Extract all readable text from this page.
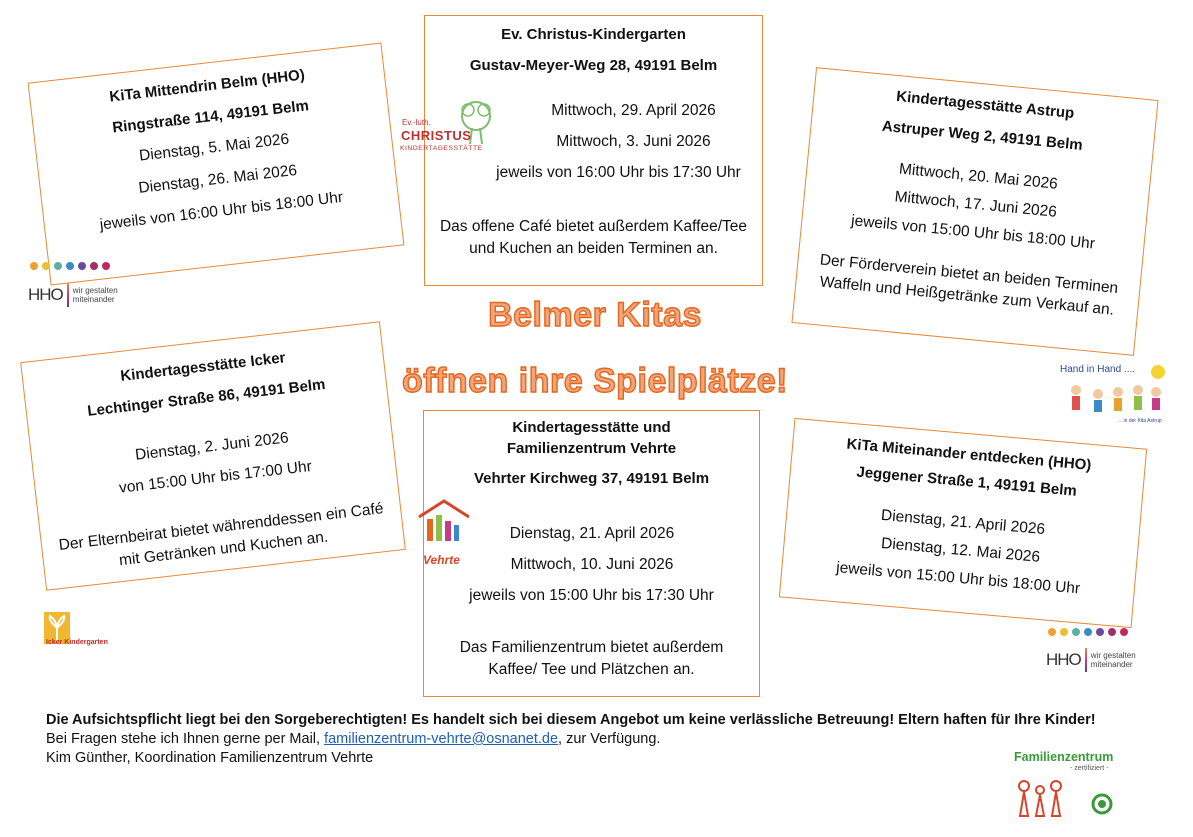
KiTa Mittendrin Belm (HHO)
Ringstraße 114, 49191 Belm
Dienstag, 5. Mai 2026
Dienstag, 26. Mai 2026
jeweils von 16:00 Uhr bis 18:00 Uhr
Ev. Christus-Kindergarten
Gustav-Meyer-Weg 28, 49191 Belm
Mittwoch, 29. April 2026
Mittwoch, 3. Juni 2026
jeweils von 16:00 Uhr bis 17:30 Uhr
Das offene Café bietet außerdem Kaffee/Tee und Kuchen an beiden Terminen an.
Ev.-luth.
CHRISTUS
KINDERTAGESSTÄTTE
Kindertagesstätte Astrup
Astruper Weg 2, 49191 Belm
Mittwoch, 20. Mai 2026
Mittwoch, 17. Juni 2026
jeweils von 15:00 Uhr bis 18:00 Uhr
Der Förderverein bietet an beiden Terminen Waffeln und Heißgetränke zum Verkauf an.
Belmer Kitas
öffnen ihre Spielplätze!
Kindertagesstätte Icker
Lechtinger Straße 86, 49191 Belm
Dienstag, 2. Juni 2026
von 15:00 Uhr bis 17:00 Uhr
Der Elternbeirat bietet währenddessen ein Café mit Getränken und Kuchen an.
Kindertagesstätte und Familienzentrum Vehrte
Vehrter Kirchweg 37, 49191 Belm
Dienstag, 21. April 2026
Mittwoch, 10. Juni 2026
jeweils von 15:00 Uhr bis 17:30 Uhr
Das Familienzentrum bietet außerdem Kaffee/ Tee und Plätzchen an.
Vehrte
KiTa Miteinander entdecken (HHO)
Jeggener Straße 1, 49191 Belm
Dienstag, 21. April 2026
Dienstag, 12. Mai 2026
jeweils von 15:00 Uhr bis 18:00 Uhr
HHO wir gestalten
miteinander
HHO wir gestalten
miteinander
Hand in Hand ....
... in der Kita Astrup
Icker Kindergarten
Die Aufsichtspflicht liegt bei den Sorgeberechtigten! Es handelt sich bei diesem Angebot um keine verlässliche Betreuung! Eltern haften für Ihre Kinder!
Bei Fragen stehe ich Ihnen gerne per Mail, familienzentrum-vehrte@osnanet.de, zur Verfügung.
Kim Günther, Koordination Familienzentrum Vehrte	Familienzentrum
- zertifiziert -
